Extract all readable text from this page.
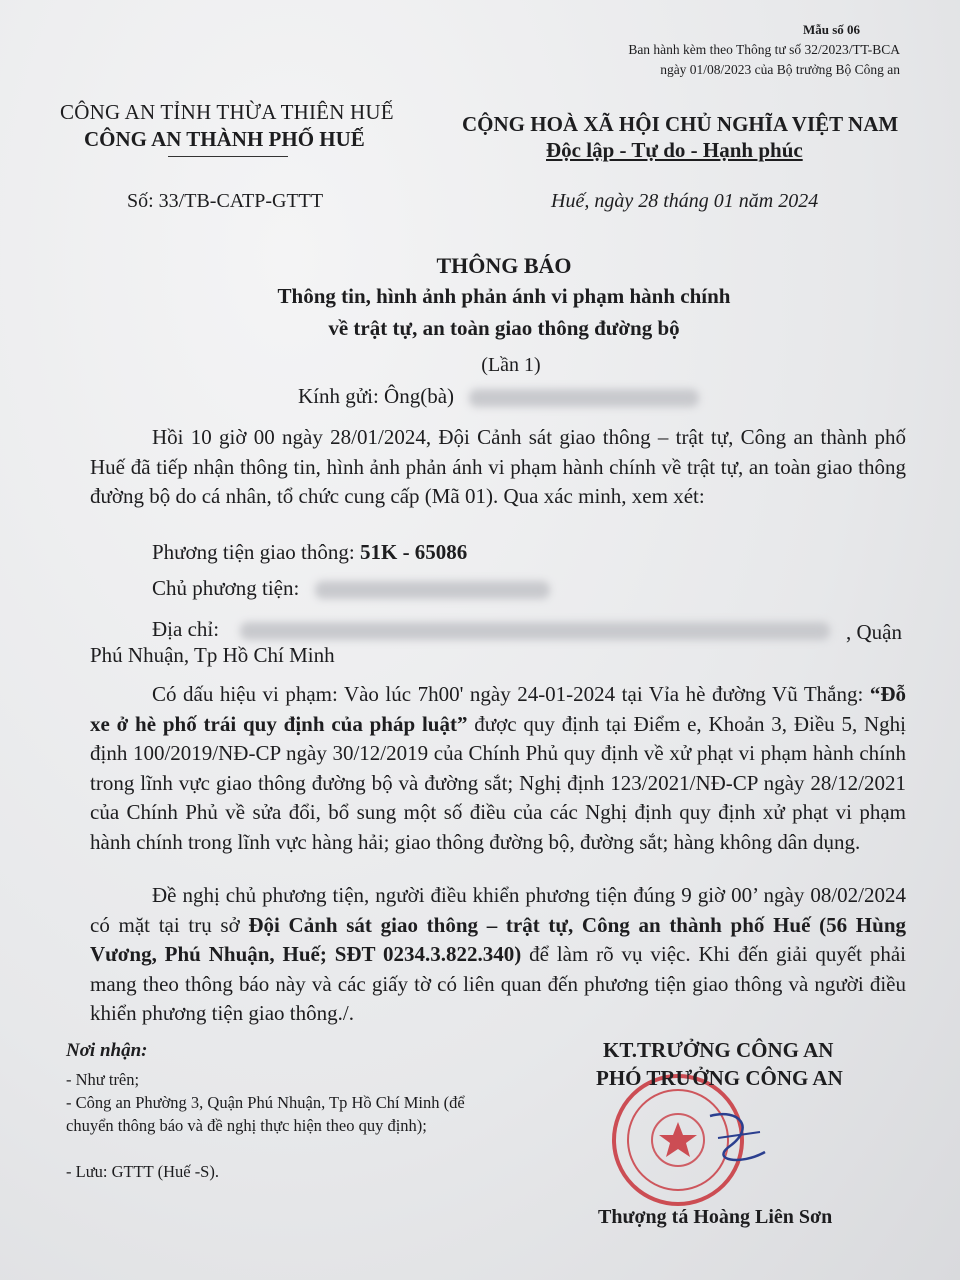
Mẫu số 06
Ban hành kèm theo Thông tư số 32/2023/TT-BCA
ngày 01/08/2023 của Bộ trưởng Bộ Công an
CÔNG AN TỈNH THỪA THIÊN HUẾ
CÔNG AN THÀNH PHỐ HUẾ
Số: 33/TB-CATP-GTTT
CỘNG HOÀ XÃ HỘI CHỦ NGHĨA VIỆT NAM
Độc lập - Tự do - Hạnh phúc
Huế, ngày 28 tháng 01 năm 2024
THÔNG BÁO
Thông tin, hình ảnh phản ánh vi phạm hành chính
về trật tự, an toàn giao thông đường bộ
(Lần 1)
Kính gửi: Ông(bà)
Hồi 10 giờ 00 ngày 28/01/2024, Đội Cảnh sát giao thông – trật tự, Công an thành phố Huế đã tiếp nhận thông tin, hình ảnh phản ánh vi phạm hành chính về trật tự, an toàn giao thông đường bộ do cá nhân, tổ chức cung cấp (Mã 01). Qua xác minh, xem xét:
Phương tiện giao thông: 51K - 65086
Chủ phương tiện:
Địa chỉ:	, Quận
Phú Nhuận, Tp Hồ Chí Minh
Có dấu hiệu vi phạm: Vào lúc 7h00' ngày 24-01-2024 tại Vỉa hè đường Vũ Thắng: “Đỗ xe ở hè phố trái quy định của pháp luật” được quy định tại Điểm e, Khoản 3, Điều 5, Nghị định 100/2019/NĐ-CP ngày 30/12/2019 của Chính Phủ quy định về xử phạt vi phạm hành chính trong lĩnh vực giao thông đường bộ và đường sắt; Nghị định 123/2021/NĐ-CP ngày 28/12/2021 của Chính Phủ về sửa đổi, bổ sung một số điều của các Nghị định quy định xử phạt vi phạm hành chính trong lĩnh vực hàng hải; giao thông đường bộ, đường sắt; hàng không dân dụng.
Đề nghị chủ phương tiện, người điều khiển phương tiện đúng 9 giờ 00’ ngày 08/02/2024 có mặt tại trụ sở Đội Cảnh sát giao thông – trật tự, Công an thành phố Huế (56 Hùng Vương, Phú Nhuận, Huế; SĐT 0234.3.822.340) để làm rõ vụ việc. Khi đến giải quyết phải mang theo thông báo này và các giấy tờ có liên quan đến phương tiện giao thông và người điều khiển phương tiện giao thông./.
Nơi nhận:
- Như trên;
- Công an Phường 3, Quận Phú Nhuận, Tp Hồ Chí Minh (để chuyển thông báo và đề nghị thực hiện theo quy định);
- Lưu: GTTT (Huế -S).
KT.TRƯỞNG CÔNG AN
PHÓ TRƯỞNG CÔNG AN
Thượng tá Hoàng Liên Sơn
